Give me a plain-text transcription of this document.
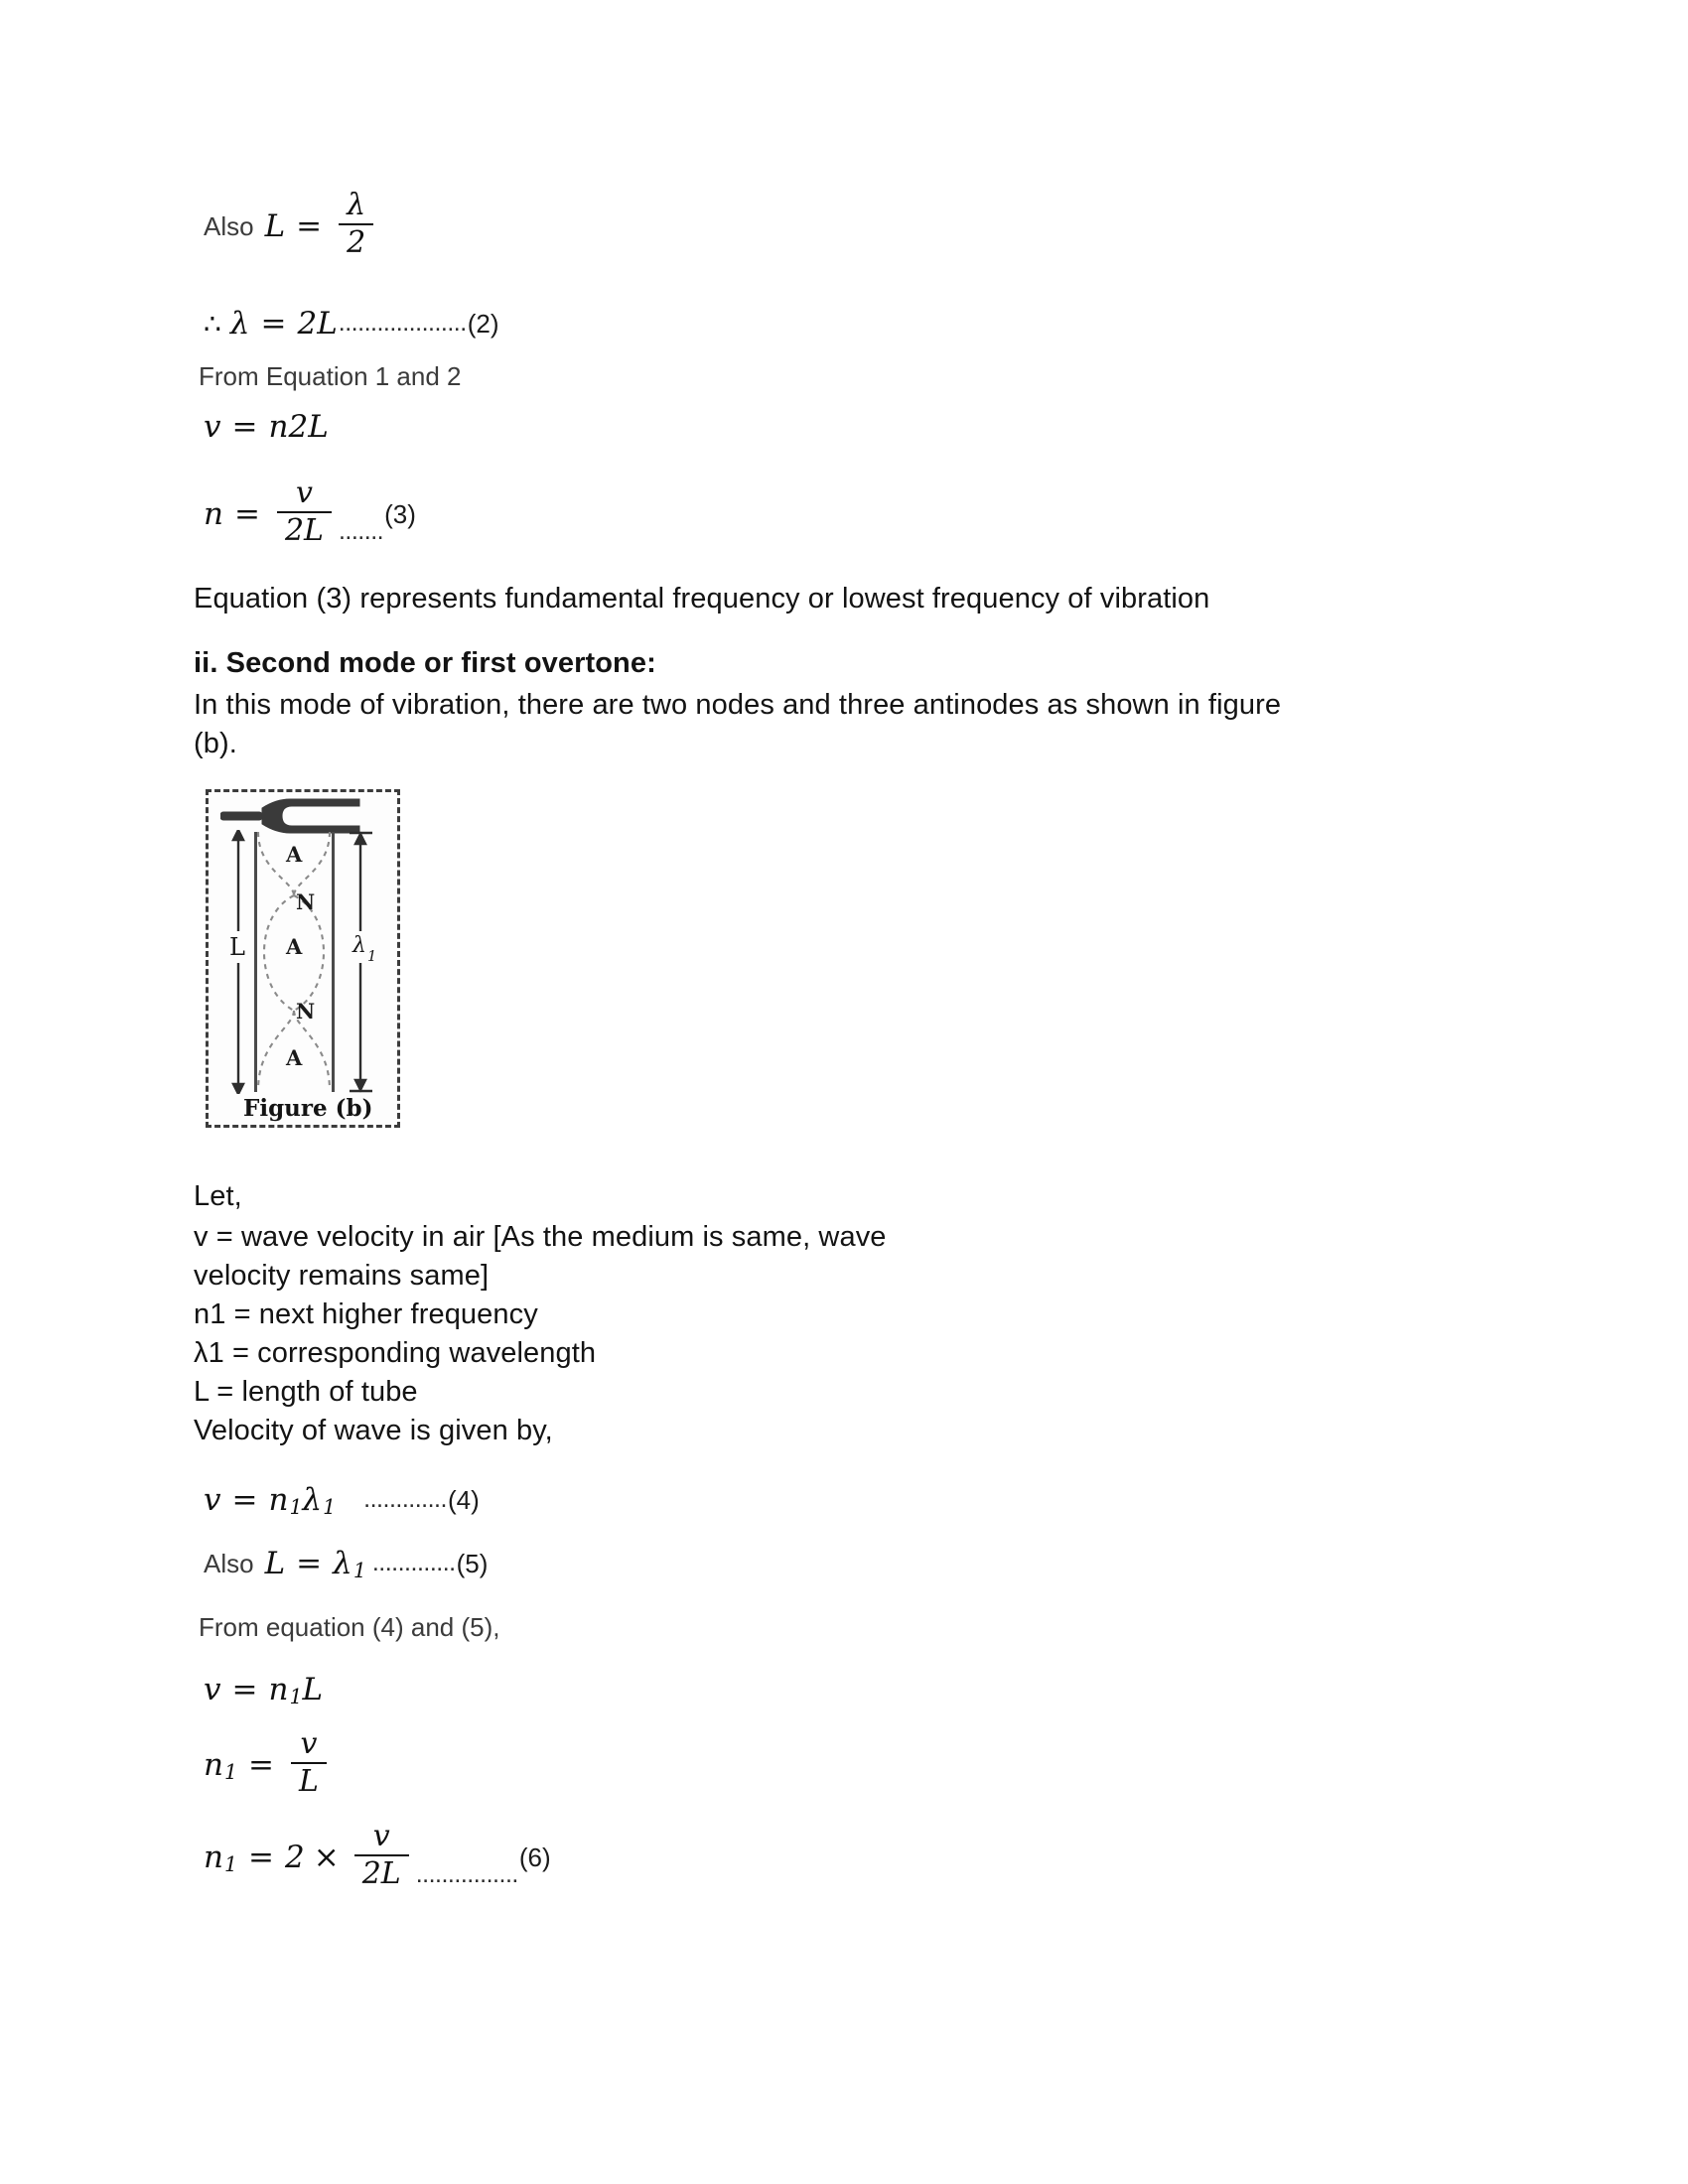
Also $L = \frac{\lambda}{2}$
∴ λ = 2L .................... (2)
From Equation 1 and 2
v = n2L
$n = \frac{v}{2L}$ .......
(3)
Equation (3) represents fundamental frequency or lowest frequency of vibration
ii. Second mode or first overtone:
In this mode of vibration, there are two nodes and three antinodes as shown in figure
(b).
A
N
A
N
A
L	$\lambda_1$
Figure (b)
Let,
v = wave velocity in air [As the medium is same, wave
velocity remains same]
n1 = next higher frequency
λ1 = corresponding wavelength
L = length of tube
Velocity of wave is given by,
v = n 1 λ 1 ............. (4)
Also L = λ 1 ............. (5)
From equation (4) and (5),
v = n 1 L
n $1 = \frac{v}{L}$
n $1 = 2 \times \frac{v}{2L}$ ................
(6)
